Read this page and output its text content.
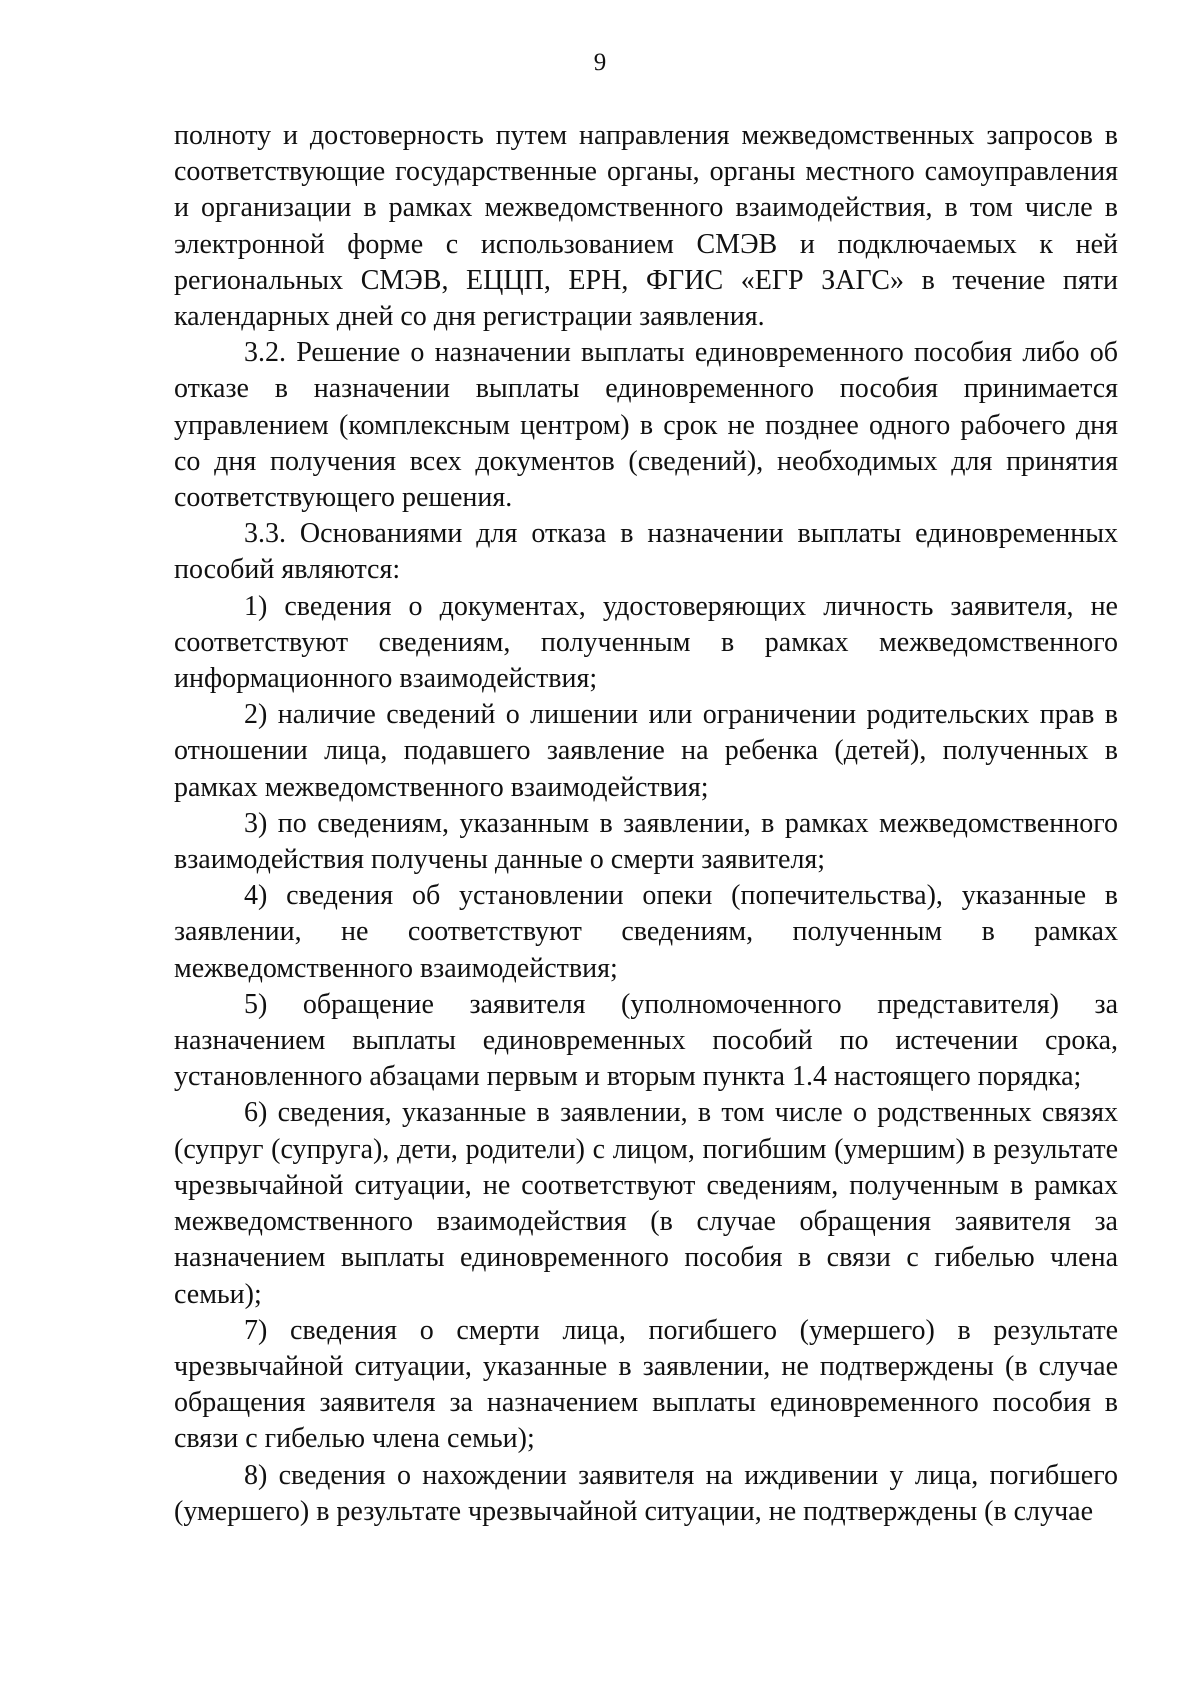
9

полноту и достоверность путем направления межведомственных запросов в соответствующие государственные органы, органы местного самоуправления и организации в рамках межведомственного взаимодействия, в том числе в электронной форме с использованием СМЭВ и подключаемых к ней региональных СМЭВ, ЕЦЦП, ЕРН, ФГИС «ЕГР ЗАГС» в течение пяти календарных дней со дня регистрации заявления.

3.2. Решение о назначении выплаты единовременного пособия либо об отказе в назначении выплаты единовременного пособия принимается управлением (комплексным центром) в срок не позднее одного рабочего дня со дня получения всех документов (сведений), необходимых для принятия соответствующего решения.

3.3. Основаниями для отказа в назначении выплаты единовременных пособий являются:

1) сведения о документах, удостоверяющих личность заявителя, не соответствуют сведениям, полученным в рамках межведомственного информационного взаимодействия;

2) наличие сведений о лишении или ограничении родительских прав в отношении лица, подавшего заявление на ребенка (детей), полученных в рамках межведомственного взаимодействия;

3) по сведениям, указанным в заявлении, в рамках межведомственного взаимодействия получены данные о смерти заявителя;

4) сведения об установлении опеки (попечительства), указанные в заявлении, не соответствуют сведениям, полученным в рамках межведомственного взаимодействия;

5) обращение заявителя (уполномоченного представителя) за назначением выплаты единовременных пособий по истечении срока, установленного абзацами первым и вторым пункта 1.4 настоящего порядка;

6) сведения, указанные в заявлении, в том числе о родственных связях (супруг (супруга), дети, родители) с лицом, погибшим (умершим) в результате чрезвычайной ситуации, не соответствуют сведениям, полученным в рамках межведомственного взаимодействия (в случае обращения заявителя за назначением выплаты единовременного пособия в связи с гибелью члена семьи);

7) сведения о смерти лица, погибшего (умершего) в результате чрезвычайной ситуации, указанные в заявлении, не подтверждены (в случае обращения заявителя за назначением выплаты единовременного пособия в связи с гибелью члена семьи);

8) сведения о нахождении заявителя на иждивении у лица, погибшего (умершего) в результате чрезвычайной ситуации, не подтверждены (в случае
